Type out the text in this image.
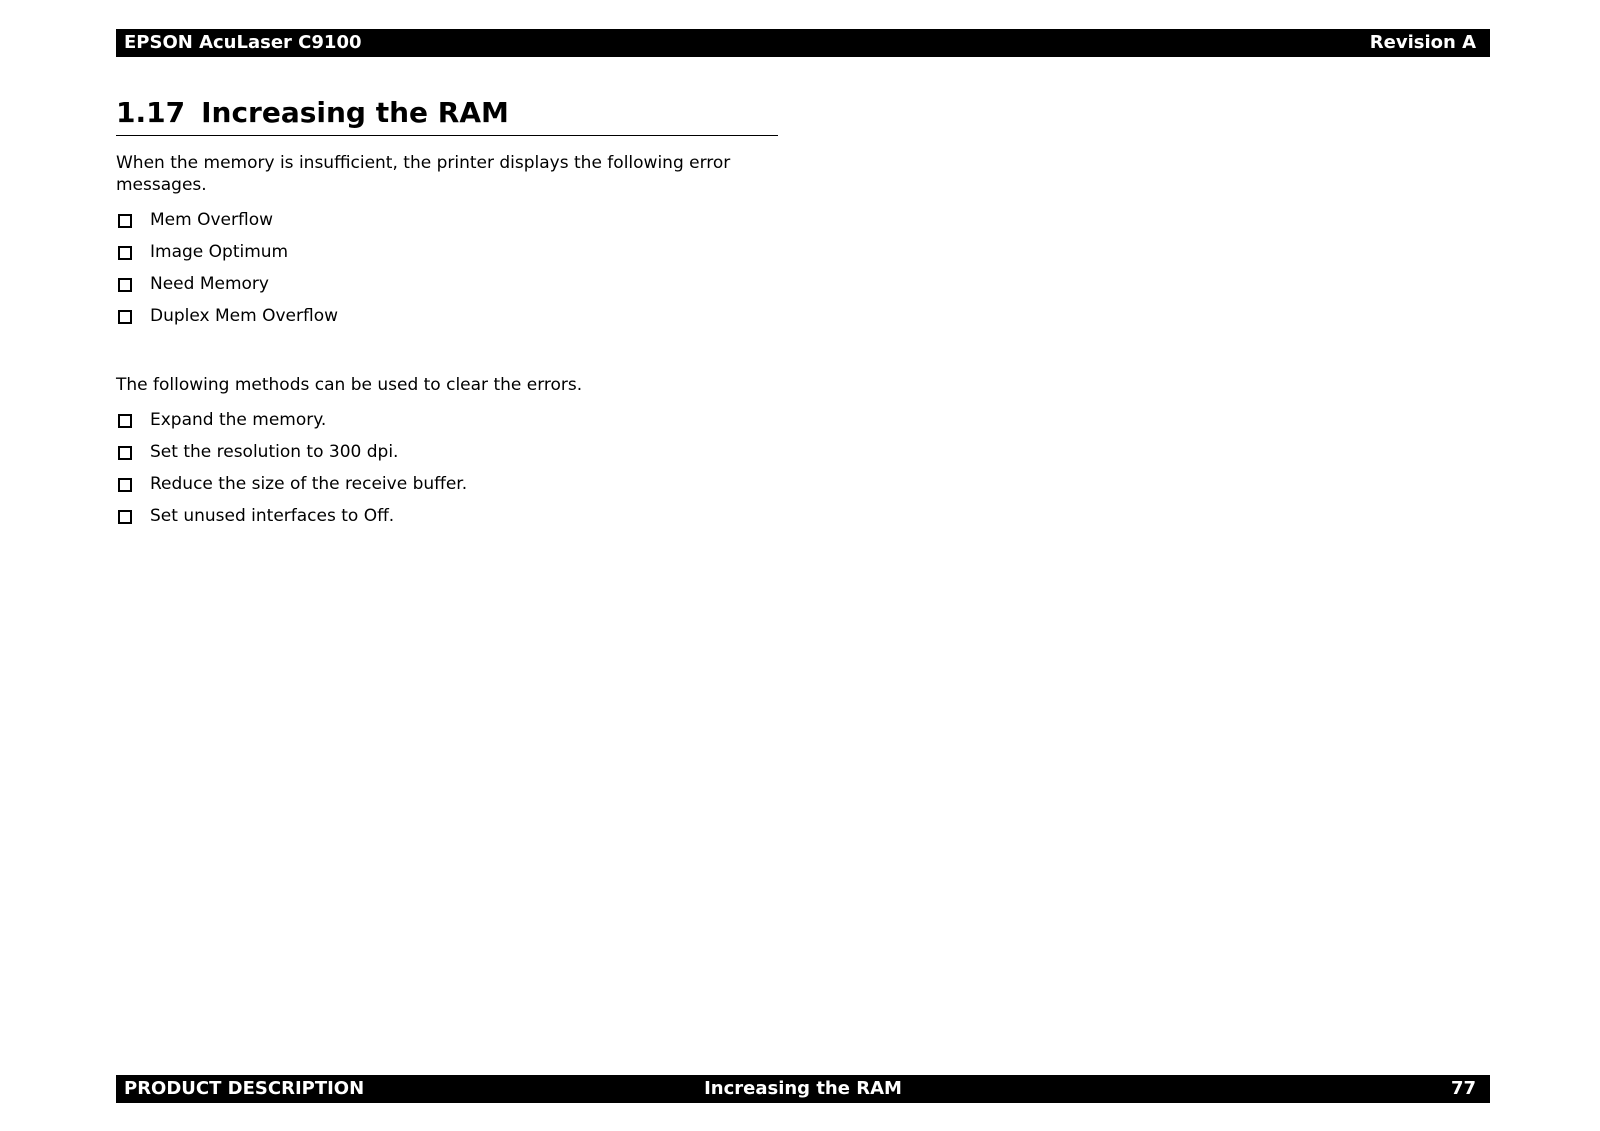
EPSON AcuLaser C9100	Revision A
1.17 Increasing the RAM

When the memory is insufficient, the printer displays the following error messages.

Mem Overflow
Image Optimum
Need Memory
Duplex Mem Overflow

The following methods can be used to clear the errors.

Expand the memory.
Set the resolution to 300 dpi.
Reduce the size of the receive buffer.
Set unused interfaces to Off.
PRODUCT DESCRIPTION	Increasing the RAM	77
